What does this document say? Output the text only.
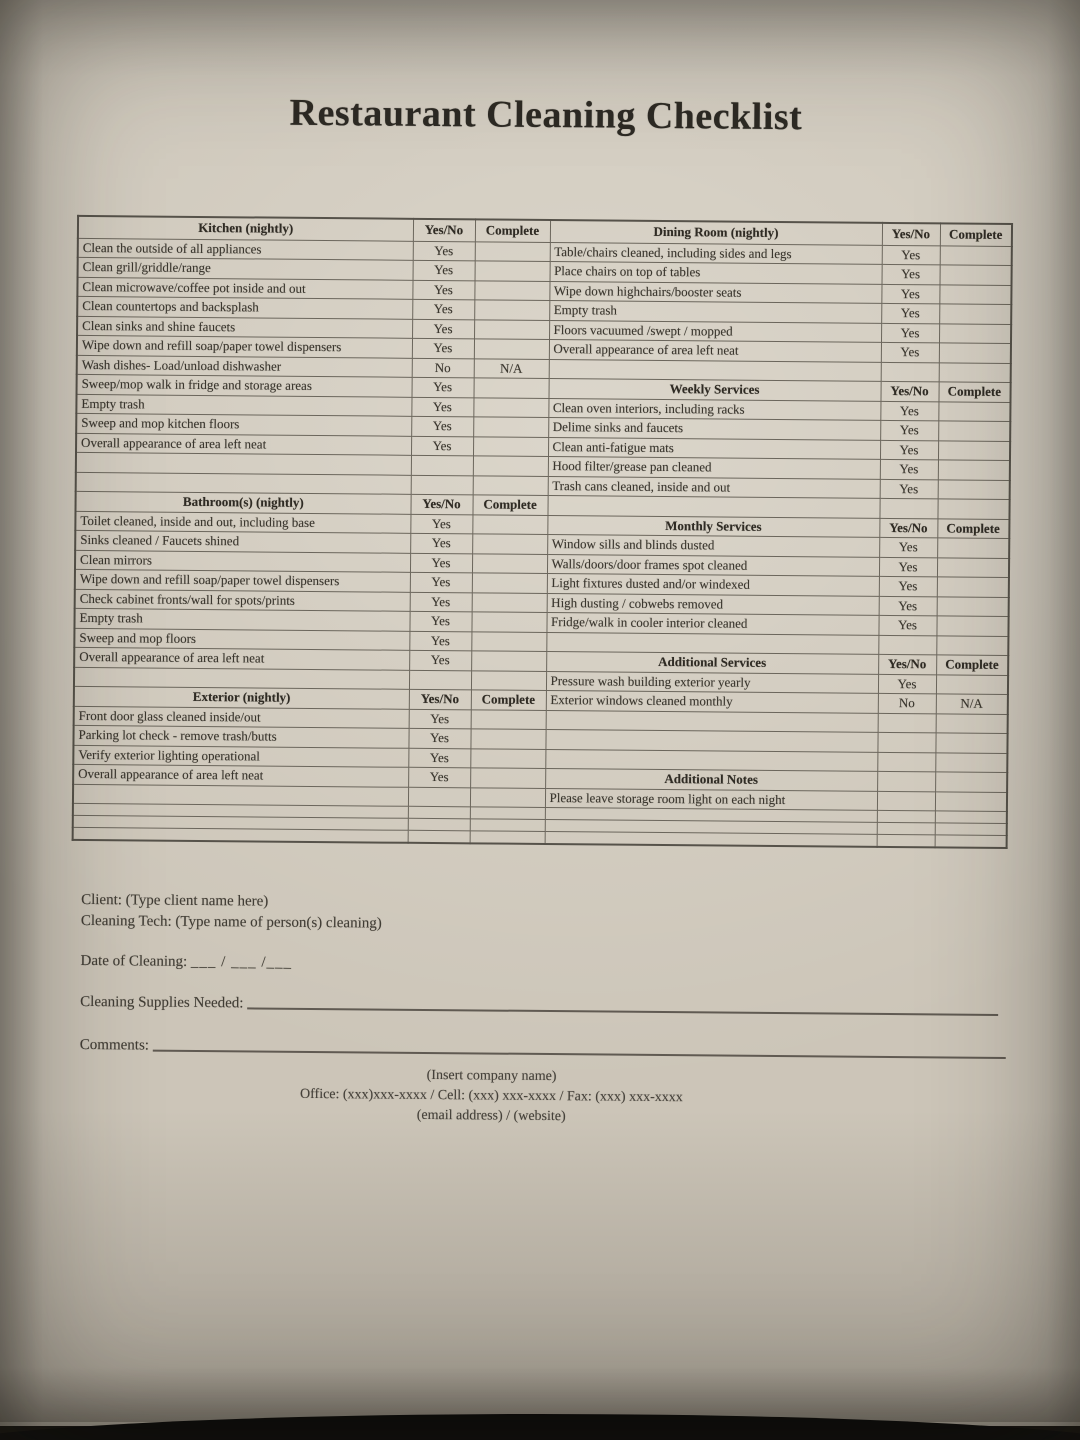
Restaurant Cleaning Checklist
Kitchen (nightly)	Yes/No	Complete	Dining Room (nightly)	Yes/No	Complete
Clean the outside of all appliances	Yes		Table/chairs cleaned, including sides and legs	Yes	
Clean grill/griddle/range	Yes		Place chairs on top of tables	Yes	
Clean microwave/coffee pot inside and out	Yes		Wipe down highchairs/booster seats	Yes	
Clean countertops and backsplash	Yes		Empty trash	Yes	
Clean sinks and shine faucets	Yes		Floors vacuumed /swept / mopped	Yes	
Wipe down and refill soap/paper towel dispensers	Yes		Overall appearance of area left neat	Yes	
Wash dishes- Load/unload dishwasher	No	N/A			
Sweep/mop walk in fridge and storage areas	Yes		Weekly Services	Yes/No	Complete
Empty trash	Yes		Clean oven interiors, including racks	Yes	
Sweep and mop kitchen floors	Yes		Delime sinks and faucets	Yes	
Overall appearance of area left neat	Yes		Clean anti-fatigue mats	Yes	
			Hood filter/grease pan cleaned	Yes	
			Trash cans cleaned, inside and out	Yes	
Bathroom(s) (nightly)	Yes/No	Complete			
Toilet cleaned, inside and out, including base	Yes		Monthly Services	Yes/No	Complete
Sinks cleaned / Faucets shined	Yes		Window sills and blinds dusted	Yes	
Clean mirrors	Yes		Walls/doors/door frames spot cleaned	Yes	
Wipe down and refill soap/paper towel dispensers	Yes		Light fixtures dusted and/or windexed	Yes	
Check cabinet fronts/wall for spots/prints	Yes		High dusting / cobwebs removed	Yes	
Empty trash	Yes		Fridge/walk in cooler interior cleaned	Yes	
Sweep and mop floors	Yes				
Overall appearance of area left neat	Yes		Additional Services	Yes/No	Complete
			Pressure wash building exterior yearly	Yes	
Exterior (nightly)	Yes/No	Complete	Exterior windows cleaned monthly	No	N/A
Front door glass cleaned inside/out	Yes				
Parking lot check - remove trash/butts	Yes				
Verify exterior lighting operational	Yes				
Overall appearance of area left neat	Yes		Additional Notes		
			Please leave storage room light on each night		

Client: (Type client name here)
Cleaning Tech: (Type name of person(s) cleaning)
Date of Cleaning: ___ / ___ /___
Cleaning Supplies Needed:
Comments:
(Insert company name)
Office: (xxx)xxx-xxxx / Cell: (xxx) xxx-xxxx / Fax: (xxx) xxx-xxxx
(email address) / (website)
